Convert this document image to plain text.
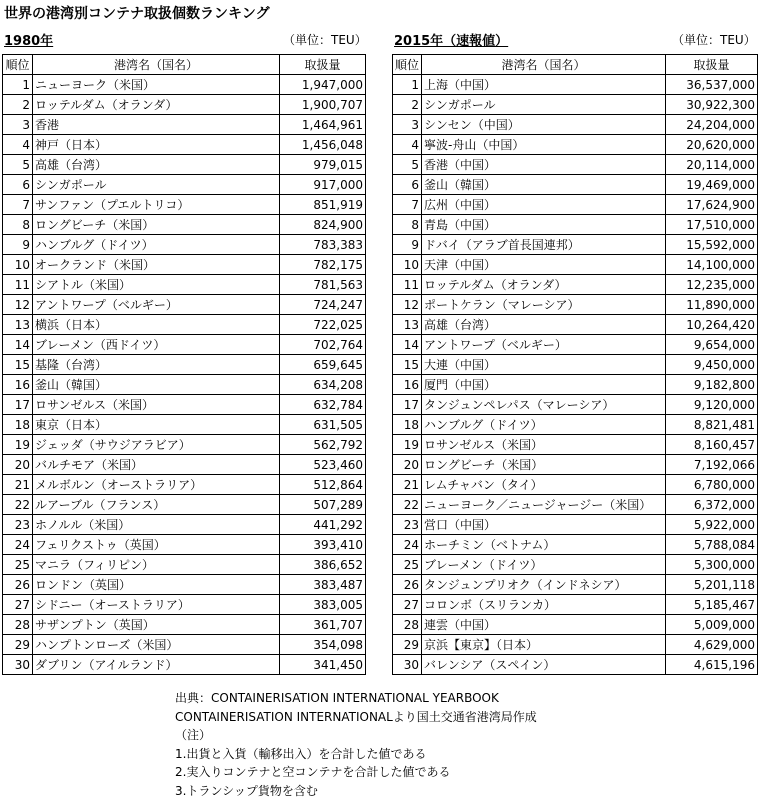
世界の港湾別コンテナ取扱個数ランキング
1980年	（単位：TEU） 2015年（速報値）	（単位：TEU）
順位	港湾名（国名）	取扱量
1	ニューヨーク（米国）	1,947,000
2	ロッテルダム（オランダ）	1,900,707
3	香港	1,464,961
4	神戸（日本）	1,456,048
5	高雄（台湾）	979,015
6	シンガポール	917,000
7	サンファン（プエルトリコ）	851,919
8	ロングビーチ（米国）	824,900
9	ハンブルグ（ドイツ）	783,383
10	オークランド（米国）	782,175
11	シアトル（米国）	781,563
12	アントワープ（ベルギー）	724,247
13	横浜（日本）	722,025
14	ブレーメン（西ドイツ）	702,764
15	基隆（台湾）	659,645
16	釜山（韓国）	634,208
17	ロサンゼルス（米国）	632,784
18	東京（日本）	631,505
19	ジェッダ（サウジアラビア）	562,792
20	バルチモア（米国）	523,460
21	メルボルン（オーストラリア）	512,864
22	ルアーブル（フランス）	507,289
23	ホノルル（米国）	441,292
24	フェリクストゥ（英国）	393,410
25	マニラ（フィリピン）	386,652
26	ロンドン（英国）	383,487
27	シドニー（オーストラリア）	383,005
28	サザンプトン（英国）	361,707
29	ハンプトンローズ（米国）	354,098
30	ダブリン（アイルランド）	341,450
順位	港湾名（国名）	取扱量
1	上海（中国）	36,537,000
2	シンガポール	30,922,300
3	シンセン（中国）	24,204,000
4	寧波-舟山（中国）	20,620,000
5	香港（中国）	20,114,000
6	釜山（韓国）	19,469,000
7	広州（中国）	17,624,900
8	青島（中国）	17,510,000
9	ドバイ（アラブ首長国連邦）	15,592,000
10	天津（中国）	14,100,000
11	ロッテルダム（オランダ）	12,235,000
12	ポートケラン（マレーシア）	11,890,000
13	高雄（台湾）	10,264,420
14	アントワープ（ベルギー）	9,654,000
15	大連（中国）	9,450,000
16	厦門（中国）	9,182,800
17	タンジュンペレパス（マレーシア）	9,120,000
18	ハンブルグ（ドイツ）	8,821,481
19	ロサンゼルス（米国）	8,160,457
20	ロングビーチ（米国）	7,192,066
21	レムチャバン（タイ）	6,780,000
22	ニューヨーク／ニュージャージー（米国）	6,372,000
23	営口（中国）	5,922,000
24	ホーチミン（ベトナム）	5,788,084
25	ブレーメン（ドイツ）	5,300,000
26	タンジュンプリオク（インドネシア）	5,201,118
27	コロンボ（スリランカ）	5,185,467
28	連雲（中国）	5,009,000
29	京浜【東京】（日本）	4,629,000
30	バレンシア（スペイン）	4,615,196
出典：CONTAINERISATION INTERNATIONAL YEARBOOK
CONTAINERISATION INTERNATIONALより国土交通省港湾局作成
（注）
1.出貨と入貨（輸移出入）を合計した値である
2.実入りコンテナと空コンテナを合計した値である
3.トランシップ貨物を含む
